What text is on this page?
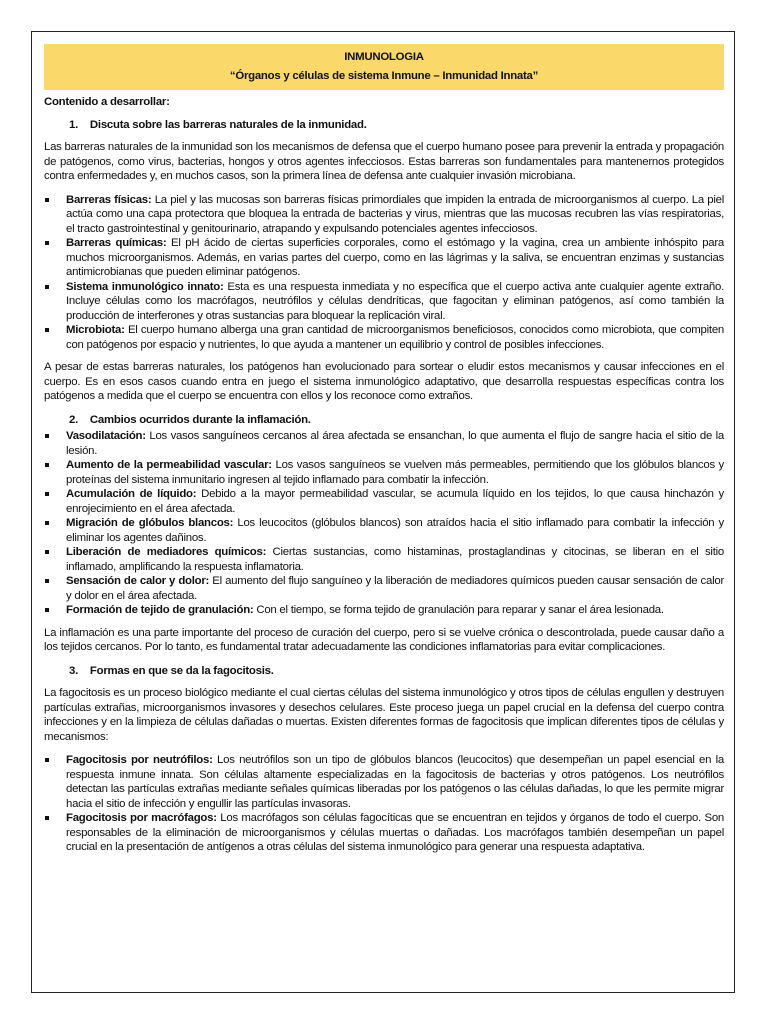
INMUNOLOGIA
“Órganos y células de sistema Inmune – Inmunidad Innata”
Contenido a desarrollar:
1. Discuta sobre las barreras naturales de la inmunidad.

Las barreras naturales de la inmunidad son los mecanismos de defensa que el cuerpo humano posee para prevenir la entrada y propagación de patógenos, como virus, bacterias, hongos y otros agentes infecciosos. Estas barreras son fundamentales para mantenernos protegidos contra enfermedades y, en muchos casos, son la primera línea de defensa ante cualquier invasión microbiana.

Barreras físicas: La piel y las mucosas son barreras físicas primordiales que impiden la entrada de microorganismos al cuerpo. La piel actúa como una capa protectora que bloquea la entrada de bacterias y virus, mientras que las mucosas recubren las vías respiratorias, el tracto gastrointestinal y genitourinario, atrapando y expulsando potenciales agentes infecciosos.
Barreras químicas: El pH ácido de ciertas superficies corporales, como el estómago y la vagina, crea un ambiente inhóspito para muchos microorganismos. Además, en varias partes del cuerpo, como en las lágrimas y la saliva, se encuentran enzimas y sustancias antimicrobianas que pueden eliminar patógenos.
Sistema inmunológico innato: Esta es una respuesta inmediata y no específica que el cuerpo activa ante cualquier agente extraño. Incluye células como los macrófagos, neutrófilos y células dendríticas, que fagocitan y eliminan patógenos, así como también la producción de interferones y otras sustancias para bloquear la replicación viral.
Microbiota: El cuerpo humano alberga una gran cantidad de microorganismos beneficiosos, conocidos como microbiota, que compiten con patógenos por espacio y nutrientes, lo que ayuda a mantener un equilibrio y control de posibles infecciones.

A pesar de estas barreras naturales, los patógenos han evolucionado para sortear o eludir estos mecanismos y causar infecciones en el cuerpo. Es en esos casos cuando entra en juego el sistema inmunológico adaptativo, que desarrolla respuestas específicas contra los patógenos a medida que el cuerpo se encuentra con ellos y los reconoce como extraños.

2. Cambios ocurridos durante la inflamación.
Vasodilatación: Los vasos sanguíneos cercanos al área afectada se ensanchan, lo que aumenta el flujo de sangre hacia el sitio de la lesión.
Aumento de la permeabilidad vascular: Los vasos sanguíneos se vuelven más permeables, permitiendo que los glóbulos blancos y proteínas del sistema inmunitario ingresen al tejido inflamado para combatir la infección.
Acumulación de líquido: Debido a la mayor permeabilidad vascular, se acumula líquido en los tejidos, lo que causa hinchazón y enrojecimiento en el área afectada.
Migración de glóbulos blancos: Los leucocitos (glóbulos blancos) son atraídos hacia el sitio inflamado para combatir la infección y eliminar los agentes dañinos.
Liberación de mediadores químicos: Ciertas sustancias, como histaminas, prostaglandinas y citocinas, se liberan en el sitio inflamado, amplificando la respuesta inflamatoria.
Sensación de calor y dolor: El aumento del flujo sanguíneo y la liberación de mediadores químicos pueden causar sensación de calor y dolor en el área afectada.
Formación de tejido de granulación: Con el tiempo, se forma tejido de granulación para reparar y sanar el área lesionada.

La inflamación es una parte importante del proceso de curación del cuerpo, pero si se vuelve crónica o descontrolada, puede causar daño a los tejidos cercanos. Por lo tanto, es fundamental tratar adecuadamente las condiciones inflamatorias para evitar complicaciones.

3. Formas en que se da la fagocitosis.

La fagocitosis es un proceso biológico mediante el cual ciertas células del sistema inmunológico y otros tipos de células engullen y destruyen partículas extrañas, microorganismos invasores y desechos celulares. Este proceso juega un papel crucial en la defensa del cuerpo contra infecciones y en la limpieza de células dañadas o muertas. Existen diferentes formas de fagocitosis que implican diferentes tipos de células y mecanismos:

Fagocitosis por neutrófilos: Los neutrófilos son un tipo de glóbulos blancos (leucocitos) que desempeñan un papel esencial en la respuesta inmune innata. Son células altamente especializadas en la fagocitosis de bacterias y otros patógenos. Los neutrófilos detectan las partículas extrañas mediante señales químicas liberadas por los patógenos o las células dañadas, lo que les permite migrar hacia el sitio de infección y engullir las partículas invasoras.
Fagocitosis por macrófagos: Los macrófagos son células fagocíticas que se encuentran en tejidos y órganos de todo el cuerpo. Son responsables de la eliminación de microorganismos y células muertas o dañadas. Los macrófagos también desempeñan un papel crucial en la presentación de antígenos a otras células del sistema inmunológico para generar una respuesta adaptativa.
